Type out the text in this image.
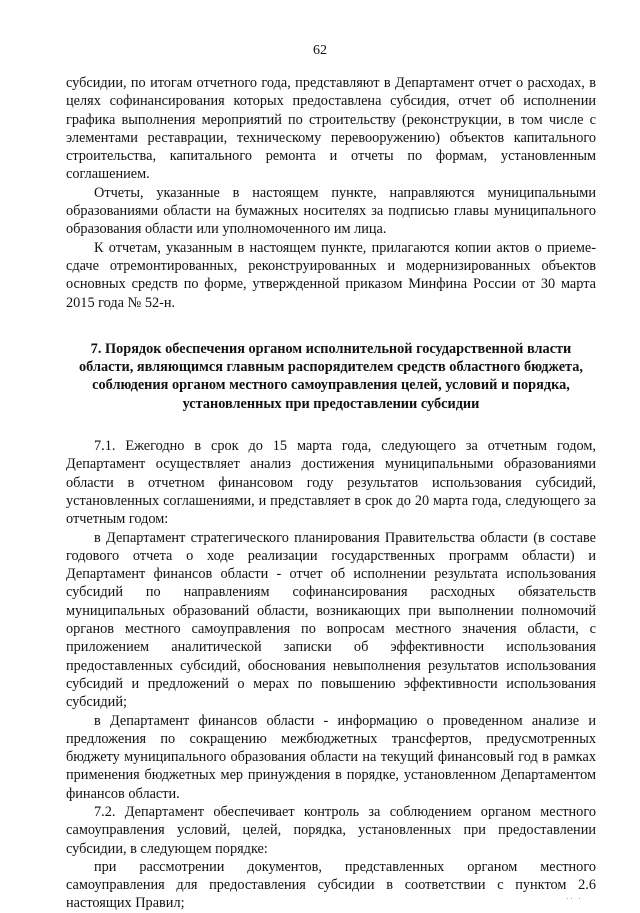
62

субсидии, по итогам отчетного года, представляют в Департамент отчет о расходах, в целях софинансирования которых предоставлена субсидия, отчет об исполнении графика выполнения мероприятий по строительству (реконструкции, в том числе с элементами реставрации, техническому перевооружению) объектов капитального строительства, капитального ремонта и отчеты по формам, установленным соглашением.

Отчеты, указанные в настоящем пункте, направляются муниципальными образованиями области на бумажных носителях за подписью главы муниципального образования области или уполномоченного им лица.

К отчетам, указанным в настоящем пункте, прилагаются копии актов о приеме-сдаче отремонтированных, реконструированных и модернизированных объектов основных средств по форме, утвержденной приказом Минфина России от 30 марта 2015 года № 52-н.

7. Порядок обеспечения органом исполнительной государственной власти области, являющимся главным распорядителем средств областного бюджета, соблюдения органом местного самоуправления целей, условий и порядка, установленных при предоставлении субсидии

7.1. Ежегодно в срок до 15 марта года, следующего за отчетным годом, Департамент осуществляет анализ достижения муниципальными образованиями области в отчетном финансовом году результатов использования субсидий, установленных соглашениями, и представляет в срок до 20 марта года, следующего за отчетным годом:

в Департамент стратегического планирования Правительства области (в составе годового отчета о ходе реализации государственных программ области) и Департамент финансов области - отчет об исполнении результата использования субсидий по направлениям софинансирования расходных обязательств муниципальных образований области, возникающих при выполнении полномочий органов местного самоуправления по вопросам местного значения области, с приложением аналитической записки об эффективности использования предоставленных субсидий, обоснования невыполнения результатов использования субсидий и предложений о мерах по повышению эффективности использования субсидий;

в Департамент финансов области - информацию о проведенном анализе и предложения по сокращению межбюджетных трансфертов, предусмотренных бюджету муниципального образования области на текущий финансовый год в рамках применения бюджетных мер принуждения в порядке, установленном Департаментом финансов области.

7.2. Департамент обеспечивает контроль за соблюдением органом местного самоуправления условий, целей, порядка, установленных при предоставлении субсидии, в следующем порядке:

при рассмотрении документов, представленных органом местного самоуправления для предоставления субсидии в соответствии с пунктом 2.6 настоящих Правил;	·· ·
